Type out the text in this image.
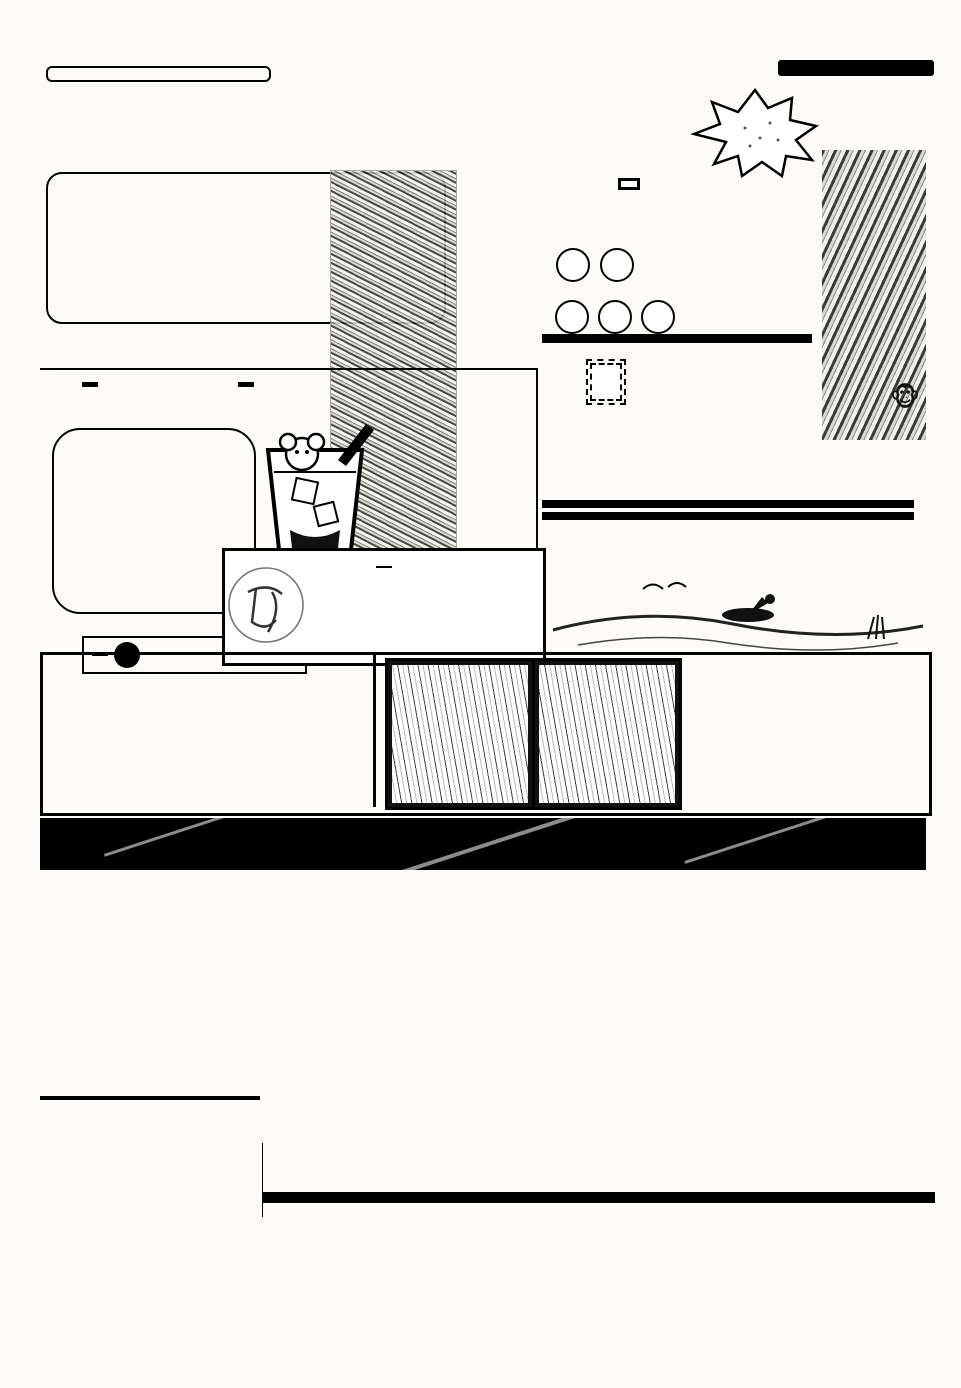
🐵
